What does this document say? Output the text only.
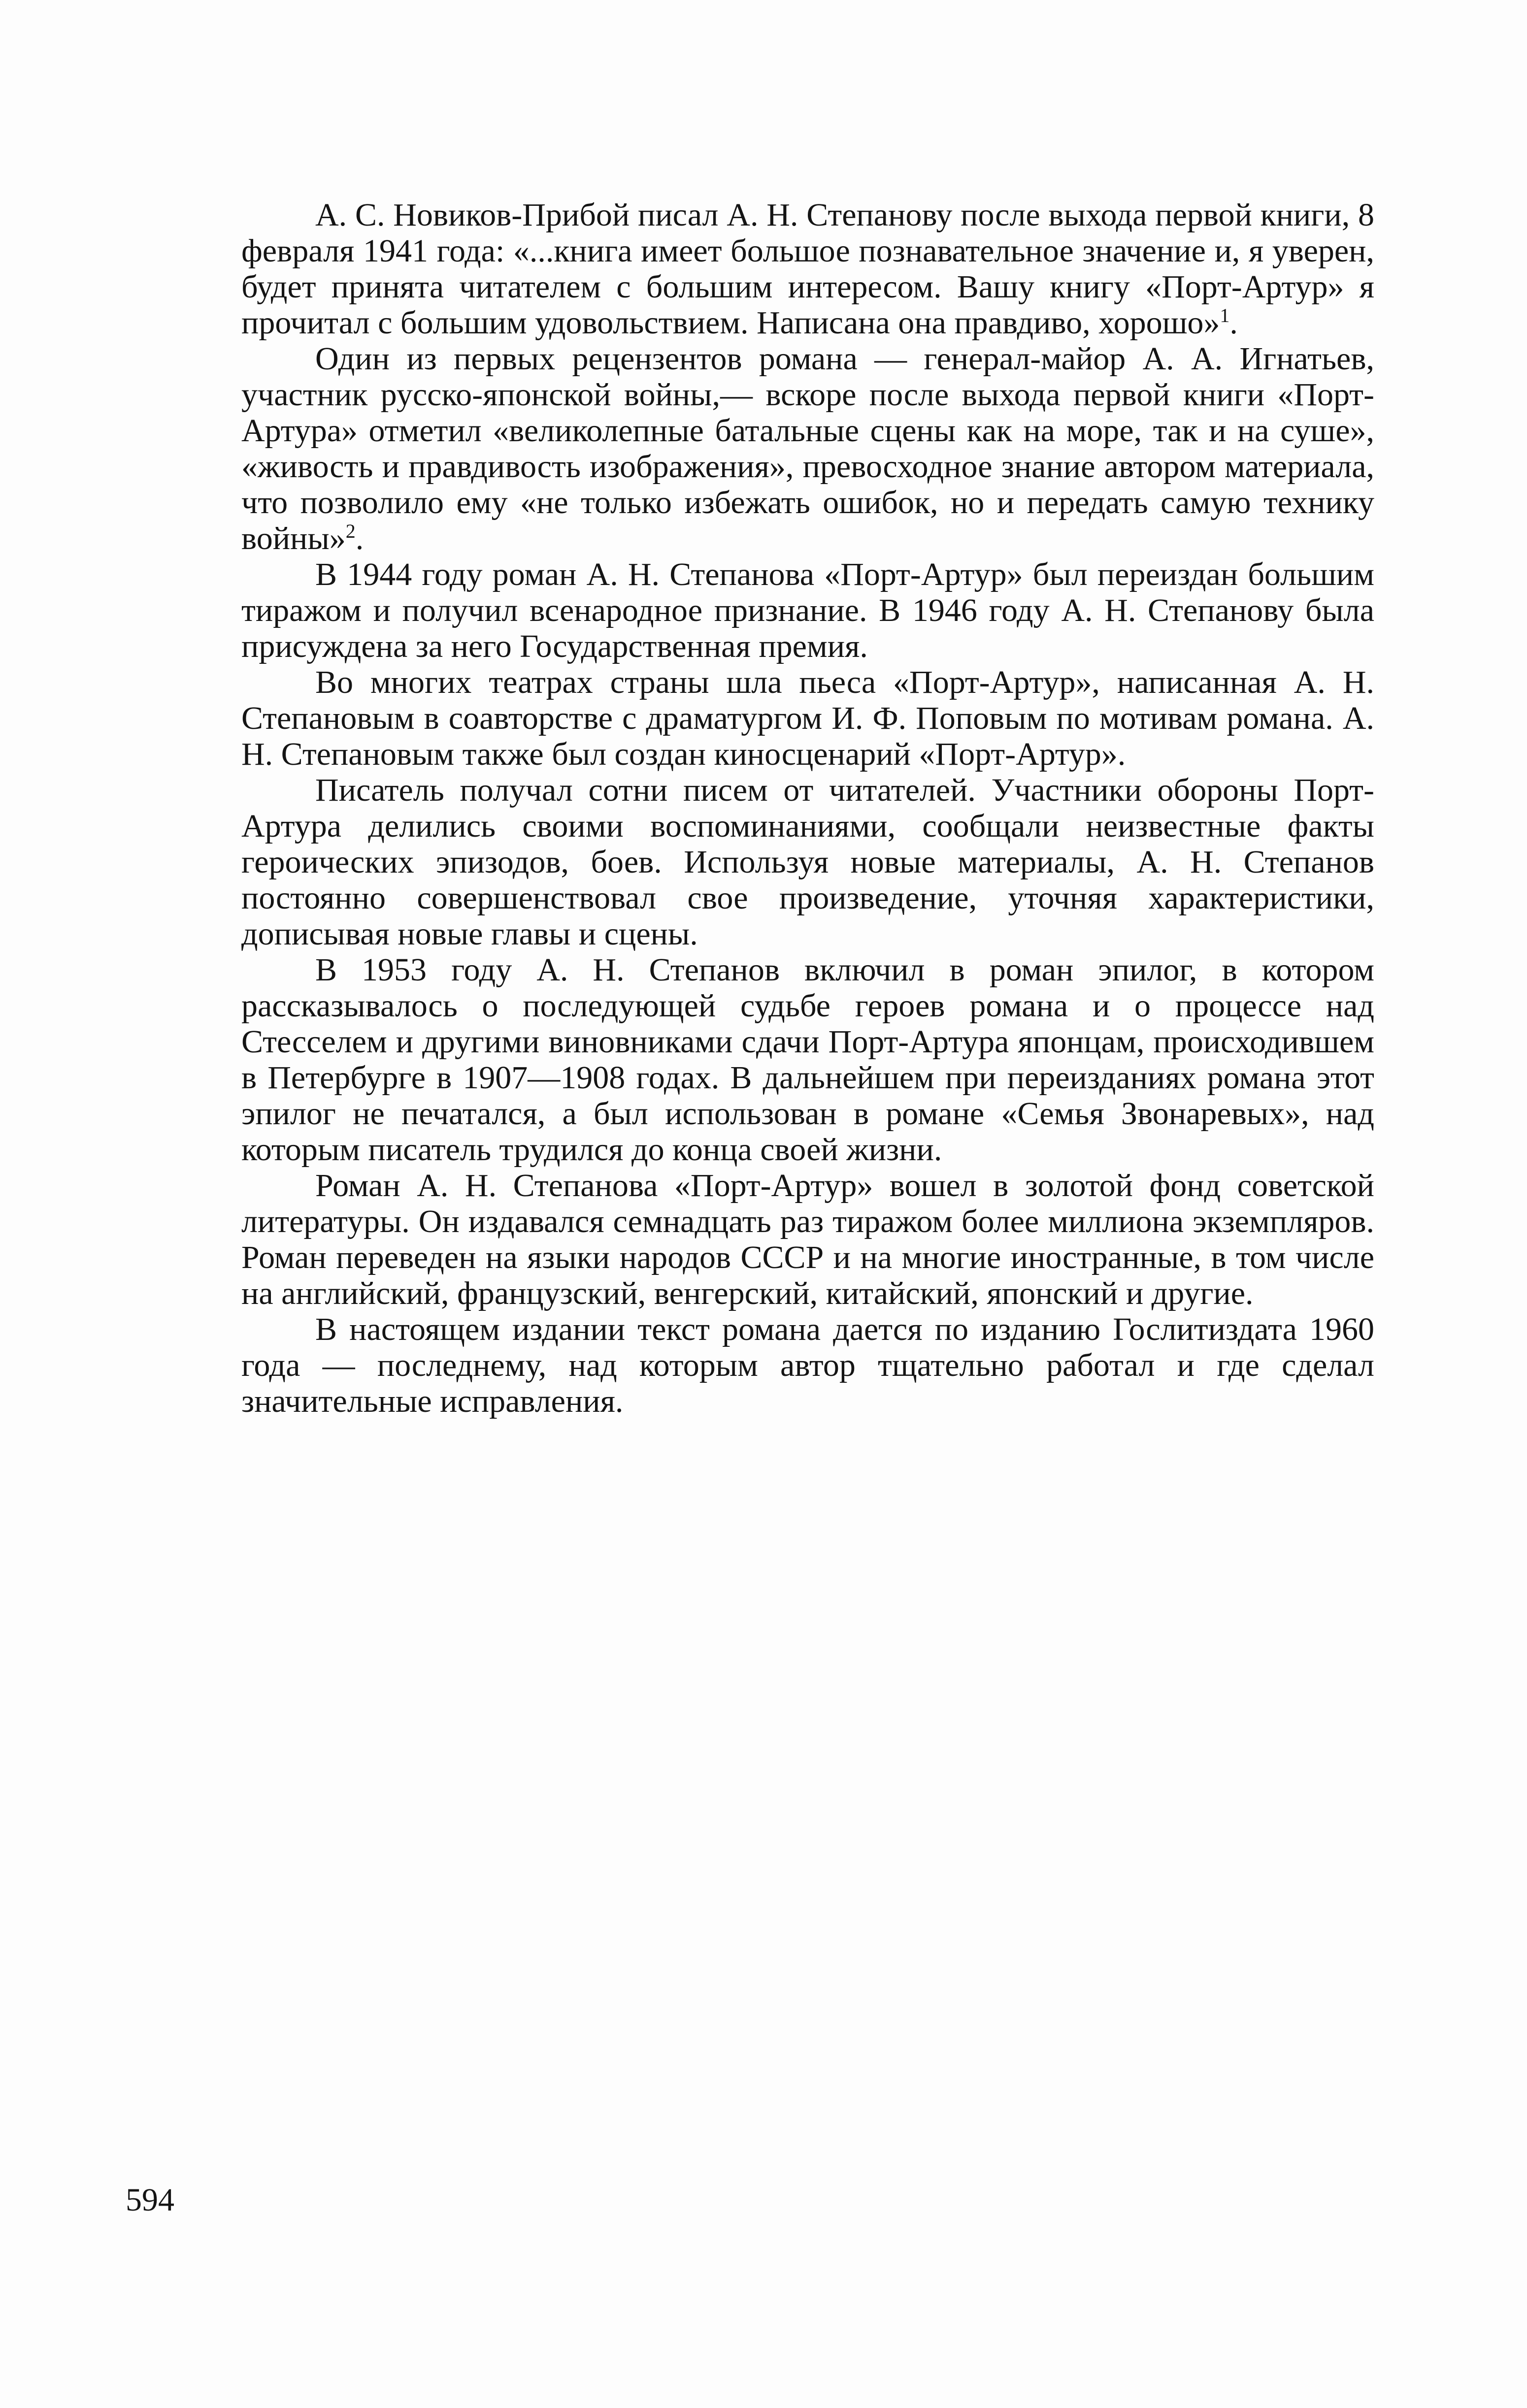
А. С. Новиков-Прибой писал А. Н. Степанову после выхода первой книги, 8 февраля 1941 года: «...книга имеет большое познавательное значение и, я уверен, будет принята читателем с большим интересом. Вашу книгу «Порт-Артур» я прочитал с большим удовольствием. Написана она правдиво, хорошо»$^1$.

Один из первых рецензентов романа — генерал-майор А. А. Игнатьев, участник русско-японской войны,— вскоре после выхода первой книги «Порт-Артура» отметил «великолепные батальные сцены как на море, так и на суше», «живость и правдивость изображения», превосходное знание автором материала, что позволило ему «не только избежать ошибок, но и передать самую технику войны»$^2$.

В 1944 году роман А. Н. Степанова «Порт-Артур» был переиздан большим тиражом и получил всенародное признание. В 1946 году А. Н. Степанову была присуждена за него Государственная премия.

Во многих театрах страны шла пьеса «Порт-Артур», написанная А. Н. Степановым в соавторстве с драматургом И. Ф. Поповым по мотивам романа. А. Н. Степановым также был создан киносценарий «Порт-Артур».

Писатель получал сотни писем от читателей. Участники обороны Порт-Артура делились своими воспоминаниями, сообщали неизвестные факты героических эпизодов, боев. Используя новые материалы, А. Н. Степанов постоянно совершенствовал свое произведение, уточняя характеристики, дописывая новые главы и сцены.

В 1953 году А. Н. Степанов включил в роман эпилог, в котором рассказывалось о последующей судьбе героев романа и о процессе над Стесселем и другими виновниками сдачи Порт-Артура японцам, происходившем в Петербурге в 1907—1908 годах. В дальнейшем при переизданиях романа этот эпилог не печатался, а был использован в романе «Семья Звонаревых», над которым писатель трудился до конца своей жизни.

Роман А. Н. Степанова «Порт-Артур» вошел в золотой фонд советской литературы. Он издавался семнадцать раз тиражом более миллиона экземпляров. Роман переведен на языки народов СССР и на многие иностранные, в том числе на английский, французский, венгерский, китайский, японский и другие.

В настоящем издании текст романа дается по изданию Гослитиздата 1960 года — последнему, над которым автор тщательно работал и где сделал значительные исправления.

594
